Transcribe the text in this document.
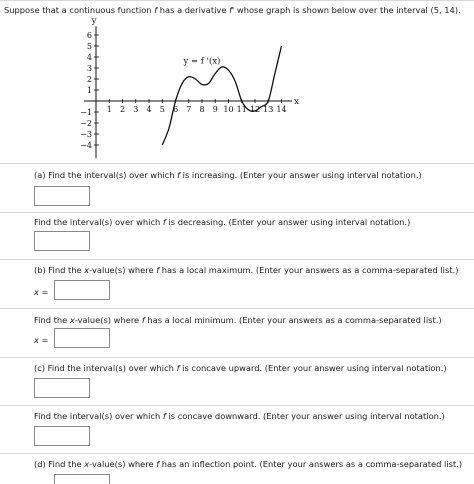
Suppose that a continuous function f has a derivative f' whose graph is shown below over the interval (5, 14).
6
5
4
3
2
1
−1
−2
−3
−4
1 2 3 4 5 6 7 8 9 10 11 12 13 14
y = f '(x)
y
x
(a) Find the interval(s) over which f is increasing. (Enter your answer using interval notation.)
Find the interval(s) over which f is decreasing. (Enter your answer using interval notation.)
(b) Find the x-value(s) where f has a local maximum. (Enter your answers as a comma-separated list.)
x =
Find the x-value(s) where f has a local minimum. (Enter your answers as a comma-separated list.)
x =
(c) Find the interval(s) over which f is concave upward. (Enter your answer using interval notation.)
Find the interval(s) over which f is concave downward. (Enter your answer using interval notation.)
(d) Find the x-value(s) where f has an inflection point. (Enter your answers as a comma-separated list.)
